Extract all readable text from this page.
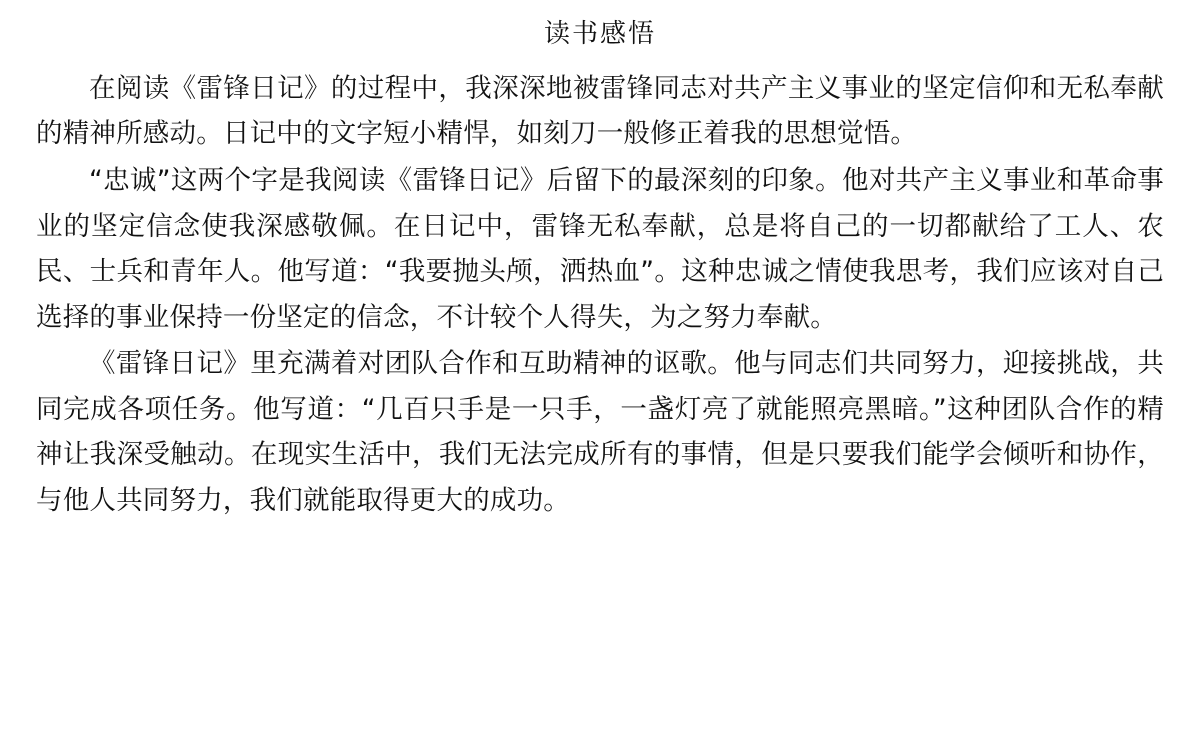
读书感悟

在阅读《雷锋日记》的过程中，我深深地被雷锋同志对共产主义事业的坚定信仰和无私奉献的精神所感动。日记中的文字短小精悍，如刻刀一般修正着我的思想觉悟。

“忠诚”这两个字是我阅读《雷锋日记》后留下的最深刻的印象。他对共产主义事业和革命事业的坚定信念使我深感敬佩。在日记中，雷锋无私奉献，总是将自己的一切都献给了工人、农民、士兵和青年人。他写道：“我要抛头颅，洒热血”。这种忠诚之情使我思考，我们应该对自己选择的事业保持一份坚定的信念，不计较个人得失，为之努力奉献。

《雷锋日记》里充满着对团队合作和互助精神的讴歌。他与同志们共同努力，迎接挑战，共同完成各项任务。他写道：“几百只手是一只手，一盏灯亮了就能照亮黑暗。”这种团队合作的精神让我深受触动。在现实生活中，我们无法完成所有的事情，但是只要我们能学会倾听和协作，与他人共同努力，我们就能取得更大的成功。
